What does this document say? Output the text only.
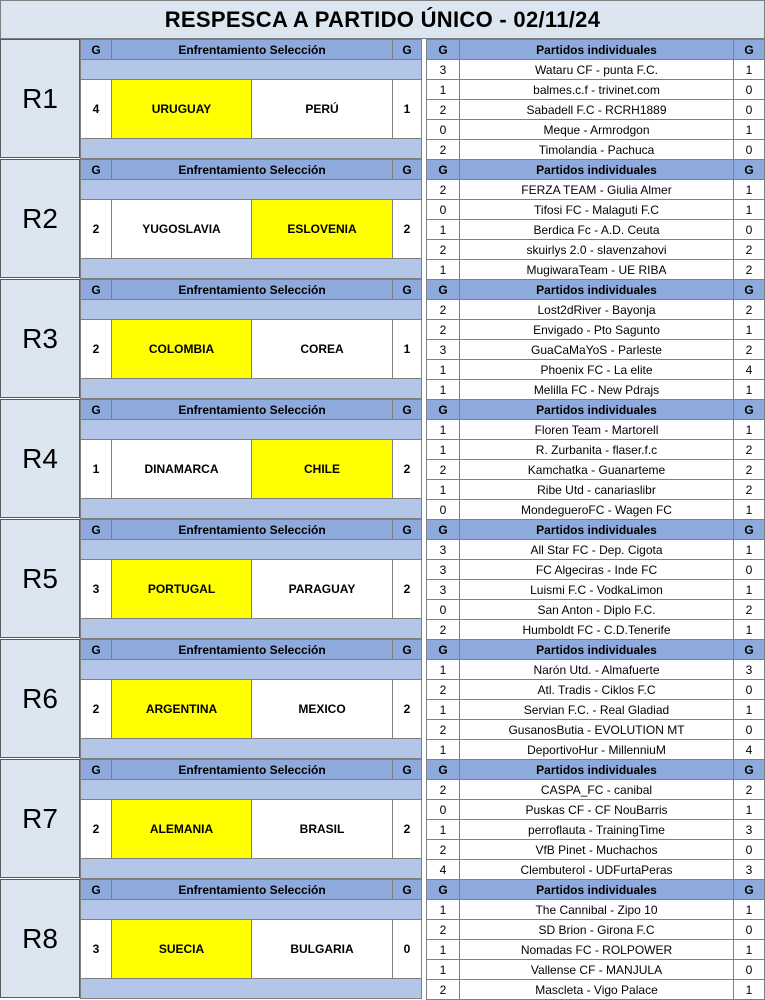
RESPESCA A PARTIDO ÚNICO - 02/11/24
R1
G	Enfrentamiento Selección	G
4	URUGUAY	PERÚ	1
G	Partidos individuales	G
3	Wataru CF - punta F.C.	1
1	balmes.c.f - trivinet.com	0
2	Sabadell F.C - RCRH1889	0
0	Meque - Armrodgon	1
2	Timolandia - Pachuca	0
R2
G	Enfrentamiento Selección	G
2	YUGOSLAVIA	ESLOVENIA	2
G	Partidos individuales	G
2	FERZA TEAM - Giulia Almer	1
0	Tifosi FC - Malaguti F.C	1
1	Berdica Fc - A.D. Ceuta	0
2	skuirlys 2.0 - slavenzahovi	2
1	MugiwaraTeam - UE RIBA	2
R3
G	Enfrentamiento Selección	G
2	COLOMBIA	COREA	1
G	Partidos individuales	G
2	Lost2dRiver - Bayonja	2
2	Envigado - Pto Sagunto	1
3	GuaCaMaYoS - Parleste	2
1	Phoenix FC - La elite	4
1	Melilla FC - New Pdrajs	1
R4
G	Enfrentamiento Selección	G
1	DINAMARCA	CHILE	2
G	Partidos individuales	G
1	Floren Team - Martorell	1
1	R. Zurbanita - flaser.f.c	2
2	Kamchatka - Guanarteme	2
1	Ribe Utd - canariaslibr	2
0	MondegueroFC - Wagen FC	1
R5
G	Enfrentamiento Selección	G
3	PORTUGAL	PARAGUAY	2
G	Partidos individuales	G
3	All Star FC - Dep. Cigota	1
3	FC Algeciras - Inde FC	0
3	Luismi F.C - VodkaLimon	1
0	San Anton - Diplo F.C.	2
2	Humboldt FC - C.D.Tenerife	1
R6
G	Enfrentamiento Selección	G
2	ARGENTINA	MEXICO	2
G	Partidos individuales	G
1	Narón Utd. - Almafuerte	3
2	Atl. Tradis - Ciklos F.C	0
1	Servian F.C. - Real Gladiad	1
2	GusanosButia - EVOLUTION MT	0
1	DeportivoHur - MillenniuM	4
R7
G	Enfrentamiento Selección	G
2	ALEMANIA	BRASIL	2
G	Partidos individuales	G
2	CASPA_FC - canibal	2
0	Puskas CF - CF NouBarris	1
1	perroflauta - TrainingTime	3
2	VfB Pinet - Muchachos	0
4	Clembuterol - UDFurtaPeras	3
R8
G	Enfrentamiento Selección	G
3	SUECIA	BULGARIA	0
G	Partidos individuales	G
1	The Cannibal - Zipo 10	1
2	SD Brion - Girona F.C	0
1	Nomadas FC - ROLPOWER	1
1	Vallense CF - MANJULA	0
2	Mascleta - Vigo Palace	1
